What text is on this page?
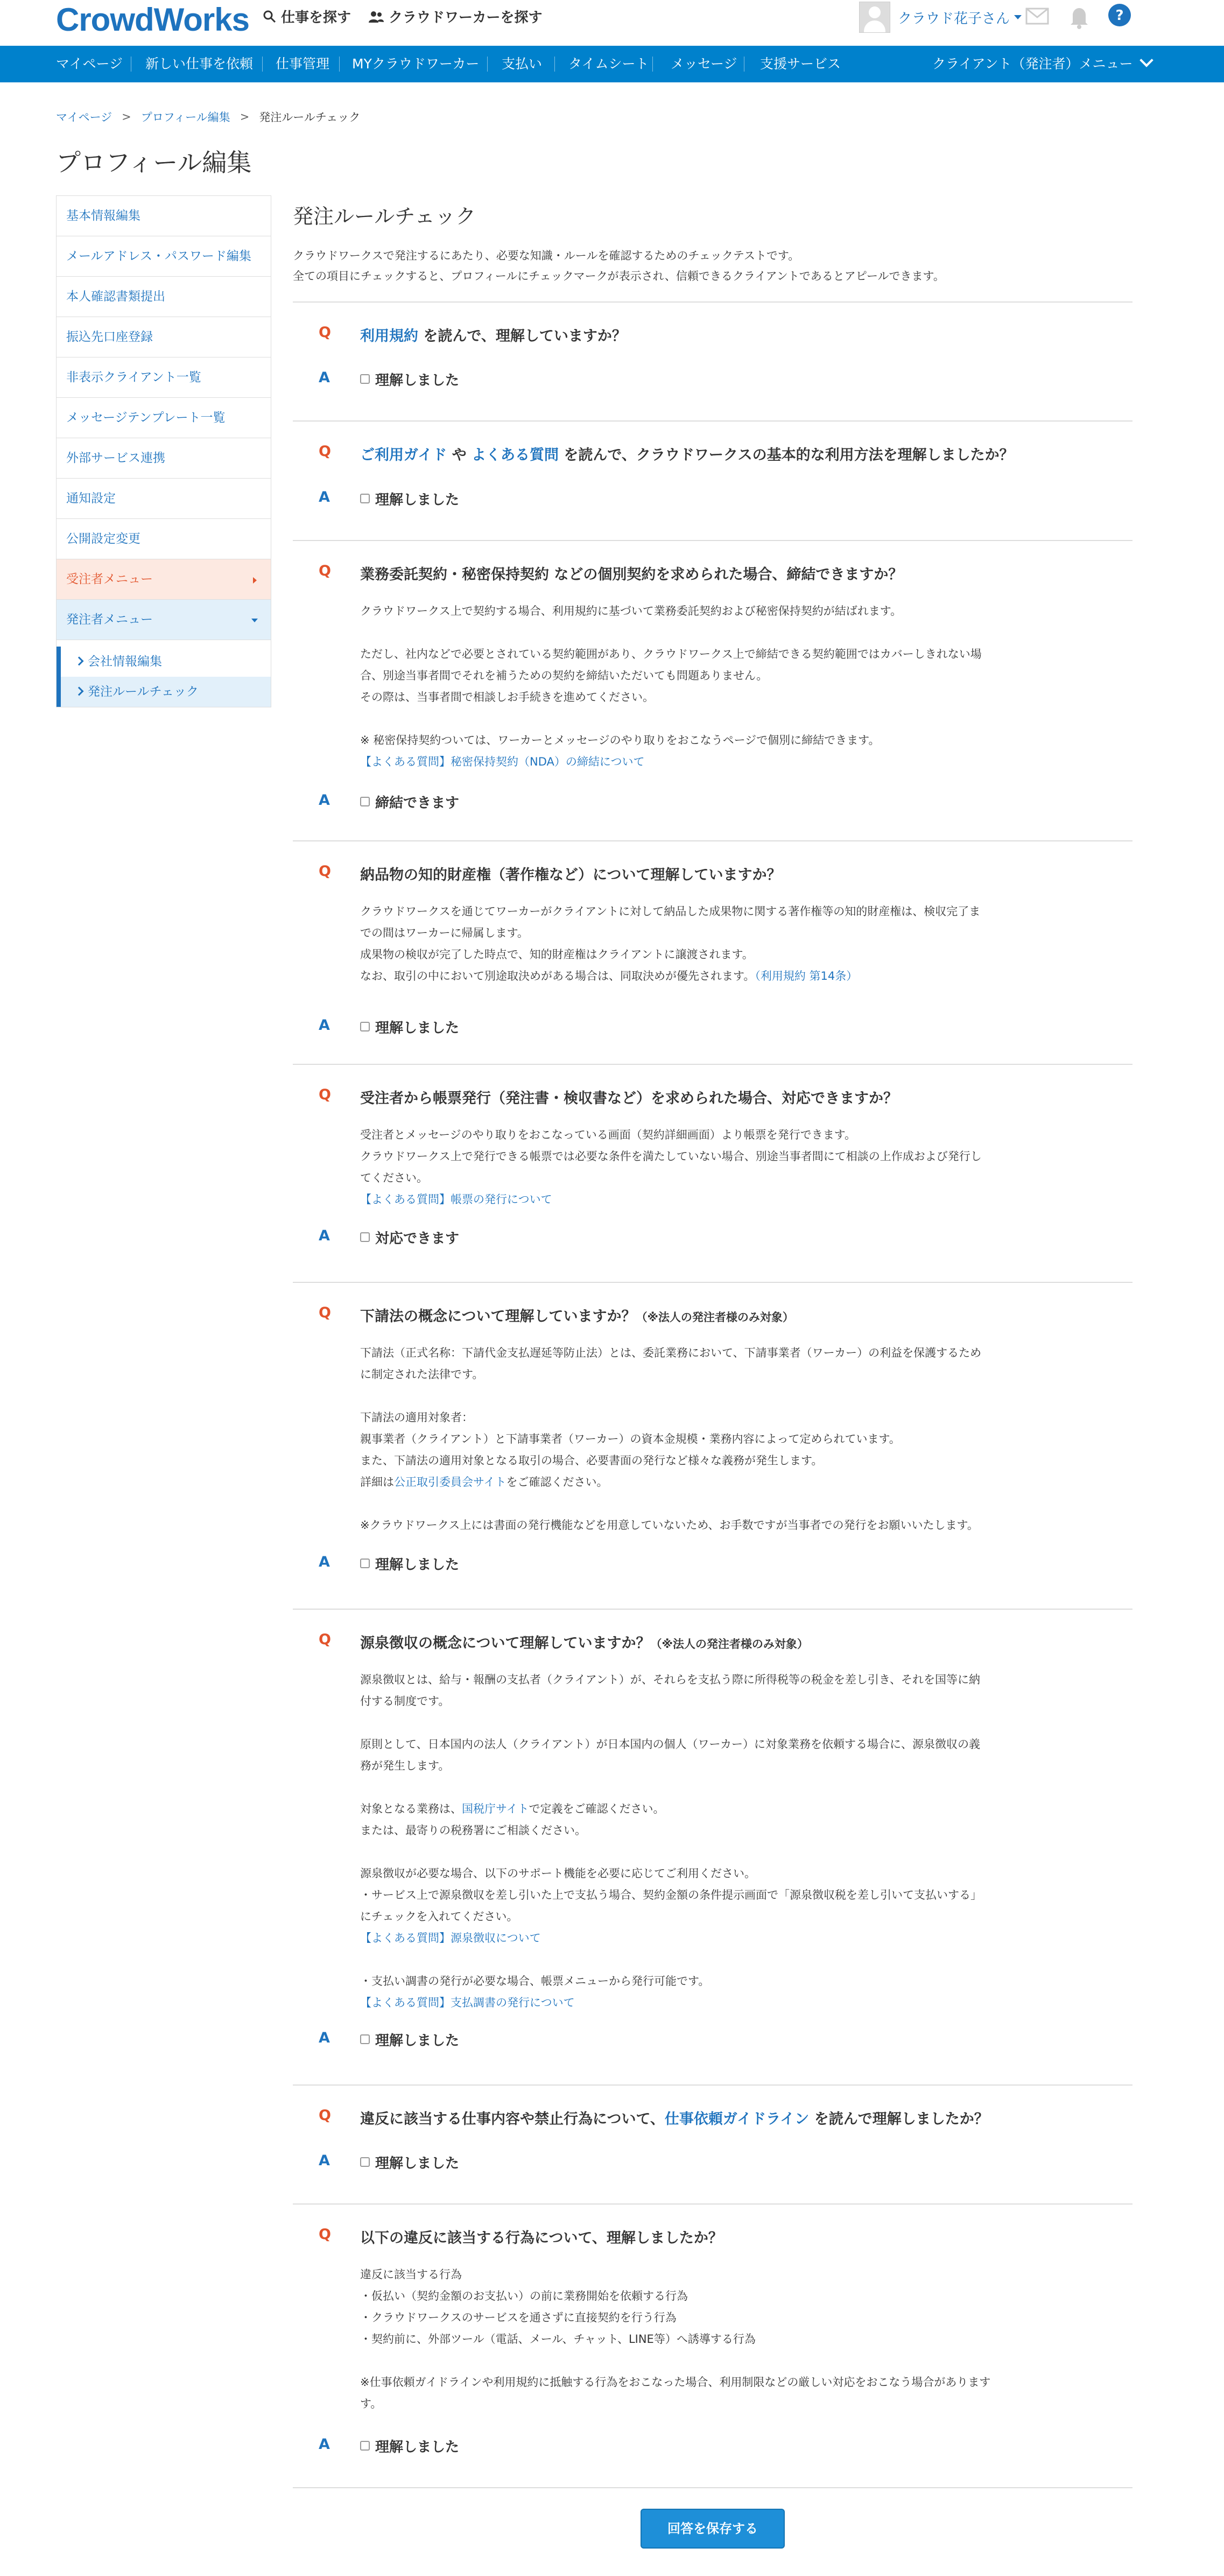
CrowdWorks 仕事を探す	クラウドワーカーを探す	クラウド花子さん	?
マイページ	新しい仕事を依頼	仕事管理	MYクラウドワーカー	支払い	タイムシート	メッセージ	支援サービス	クライアント（発注者）メニュー
マイページ > プロフィール編集 > 発注ルールチェック
プロフィール編集
基本情報編集
メールアドレス・パスワード編集
本人確認書類提出
振込先口座登録
非表示クライアント一覧
メッセージテンプレート一覧
外部サービス連携
通知設定
公開設定変更
受注者メニュー
発注者メニュー
会社情報編集
発注ルールチェック
発注ルールチェック

クラウドワークスで発注するにあたり、必要な知識・ルールを確認するためのチェックテストです。

全ての項目にチェックすると、プロフィールにチェックマークが表示され、信頼できるクライアントであるとアピールできます。

Q 利用規約 を読んで、理解していますか？
A	理解しました
Q ご利用ガイド や よくある質問 を読んで、クラウドワークスの基本的な利用方法を理解しましたか？
A	理解しました
Q 業務委託契約・秘密保持契約 などの個別契約を求められた場合、締結できますか？

クラウドワークス上で契約する場合、利用規約に基づいて業務委託契約および秘密保持契約が結ばれます。

ただし、社内などで必要とされている契約範囲があり、クラウドワークス上で締結できる契約範囲ではカバーしきれない場

合、別途当事者間でそれを補うための契約を締結いただいても問題ありません。

その際は、当事者間で相談しお手続きを進めてください。

※ 秘密保持契約ついては、ワーカーとメッセージのやり取りをおこなうページで個別に締結できます。

【よくある質問】秘密保持契約（NDA）の締結について

A	締結できます
Q 納品物の知的財産権（著作権など）について理解していますか？

クラウドワークスを通じてワーカーがクライアントに対して納品した成果物に関する著作権等の知的財産権は、検収完了ま

での間はワーカーに帰属します。

成果物の検収が完了した時点で、知的財産権はクライアントに譲渡されます。

なお、取引の中において別途取決めがある場合は、同取決めが優先されます。（利用規約 第14条）

A	理解しました
Q 受注者から帳票発行（発注書・検収書など）を求められた場合、対応できますか？

受注者とメッセージのやり取りをおこなっている画面（契約詳細画面）より帳票を発行できます。

クラウドワークス上で発行できる帳票では必要な条件を満たしていない場合、別途当事者間にて相談の上作成および発行し

てください。

【よくある質問】帳票の発行について

A	対応できます
Q 下請法の概念について理解していますか？（※法人の発注者様のみ対象）

下請法（正式名称：下請代金支払遅延等防止法）とは、委託業務において、下請事業者（ワーカー）の利益を保護するため

に制定された法律です。

下請法の適用対象者：

親事業者（クライアント）と下請事業者（ワーカー）の資本金規模・業務内容によって定められています。

また、下請法の適用対象となる取引の場合、必要書面の発行など様々な義務が発生します。

詳細は公正取引委員会サイトをご確認ください。

※クラウドワークス上には書面の発行機能などを用意していないため、お手数ですが当事者での発行をお願いいたします。

A	理解しました
Q 源泉徴収の概念について理解していますか？（※法人の発注者様のみ対象）

源泉徴収とは、給与・報酬の支払者（クライアント）が、それらを支払う際に所得税等の税金を差し引き、それを国等に納

付する制度です。

原則として、日本国内の法人（クライアント）が日本国内の個人（ワーカー）に対象業務を依頼する場合に、源泉徴収の義

務が発生します。

対象となる業務は、国税庁サイトで定義をご確認ください。

または、最寄りの税務署にご相談ください。

源泉徴収が必要な場合、以下のサポート機能を必要に応じてご利用ください。

・サービス上で源泉徴収を差し引いた上で支払う場合、契約金額の条件提示画面で「源泉徴収税を差し引いて支払いする」

にチェックを入れてください。

【よくある質問】源泉徴収について

・支払い調書の発行が必要な場合、帳票メニューから発行可能です。

【よくある質問】支払調書の発行について

A	理解しました
Q 違反に該当する仕事内容や禁止行為について、仕事依頼ガイドライン を読んで理解しましたか？
A	理解しました
Q 以下の違反に該当する行為について、理解しましたか？

違反に該当する行為

・仮払い（契約金額のお支払い）の前に業務開始を依頼する行為

・クラウドワークスのサービスを通さずに直接契約を行う行為

・契約前に、外部ツール（電話、メール、チャット、LINE等）へ誘導する行為

※仕事依頼ガイドラインや利用規約に抵触する行為をおこなった場合、利用制限などの厳しい対応をおこなう場合があります

す。

A	理解しました
回答を保存する
